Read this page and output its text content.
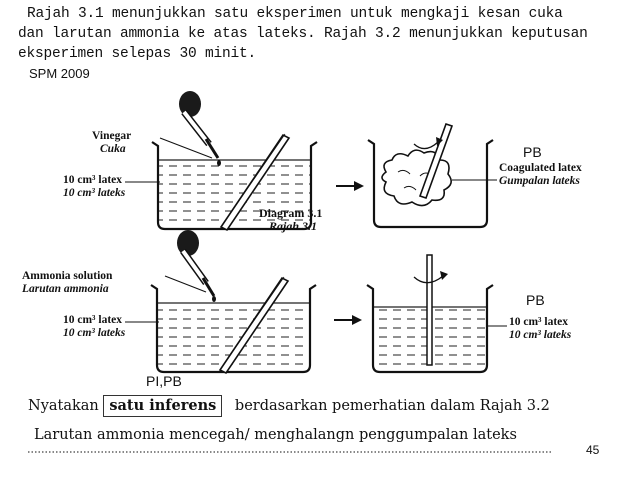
Rajah 3.1 menunjukkan satu eksperimen untuk mengkaji kesan cuka
dan larutan ammonia ke atas lateks. Rajah 3.2 menunjukkan keputusan
eksperimen selepas 30 minit.
SPM 2009
Vinegar
Cuka
10 cm³ latex
10 cm³ lateks
PB
Coagulated latex
Gumpalan lateks
Diagram 3.1
Rajah 3.1
Ammonia solution
Larutan ammonia
PB
10 cm³ latex
10 cm³ lateks
10 cm³ latex
10 cm³ lateks
PI,PB
Nyatakan satu inferens berdasarkan pemerhatian dalam Rajah 3.2
Larutan ammonia mencegah/ menghalangn penggumpalan lateks
45
